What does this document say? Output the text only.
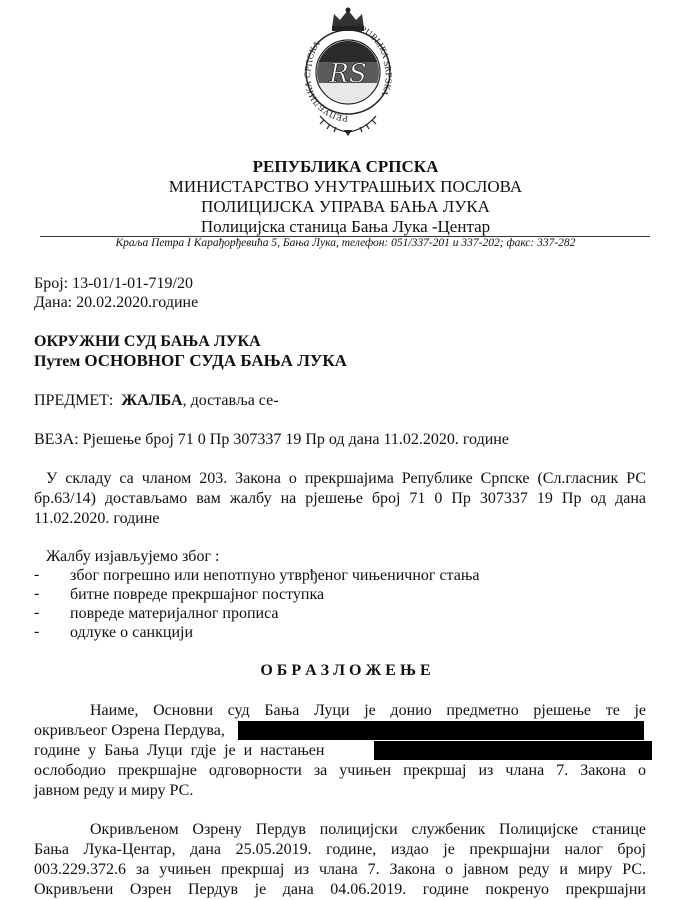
РЕПУБЛИКА СРПСКА
REPUBLIKA SRPSKA
RS
РЕПУБЛИКА СРПСКА
МИНИСТАРСТВО УНУТРАШЊИХ ПОСЛОВА
ПОЛИЦИЈСКА УПРАВА БАЊА ЛУКА
Полицијска станица Бања Лука -Центар
Краља Петра I Карађорђевића 5, Бања Лука, телефон: 051/337-201 и 337-202; факс: 337-282
Број: 13-01/1-01-719/20
Дана: 20.02.2020.године
ОКРУЖНИ СУД БАЊА ЛУКА
Путем ОСНОВНОГ СУДА БАЊА ЛУКА
ПРЕДМЕТ: ЖАЛБА, доставља се-
ВЕЗА: Рјешење број 71 0 Пр 307337 19 Пр од дана 11.02.2020. године
У складу са чланом 203. Закона о прекршајима Републике Српске (Сл.гласник РС
бр.63/14) достављамо вам жалбу на рјешење број 71 0 Пр 307337 19 Пр од дана
11.02.2020. године
Жалбу изјављујемо због :
- због погрешно или непотпуно утврђеног чињеничног стања
- битне повреде прекршајног поступка
- повреде материјалног прописа
- одлуке о санкцији
О Б Р А З Л О Ж Е Њ Е
Наиме, Основни суд Бања Луци је донио предметно рјешење те је
окривљеог Озрена Пердува,
године у Бања Луци гдје је и настањен
ослободио прекршајне одговорности за учињен прекршај из члана 7. Закона о
јавном реду и миру РС.
Окривљеном Озрену Пердув полицијски службеник Полицијске станице
Бања Лука-Центар, дана 25.05.2019. године, издао је прекршајни налог број
003.229.372.6 за учињен прекршај из члана 7. Закона о јавном реду и миру РС.
Окривљени Озрен Пердув је дана 04.06.2019. године покренуо прекршајни
